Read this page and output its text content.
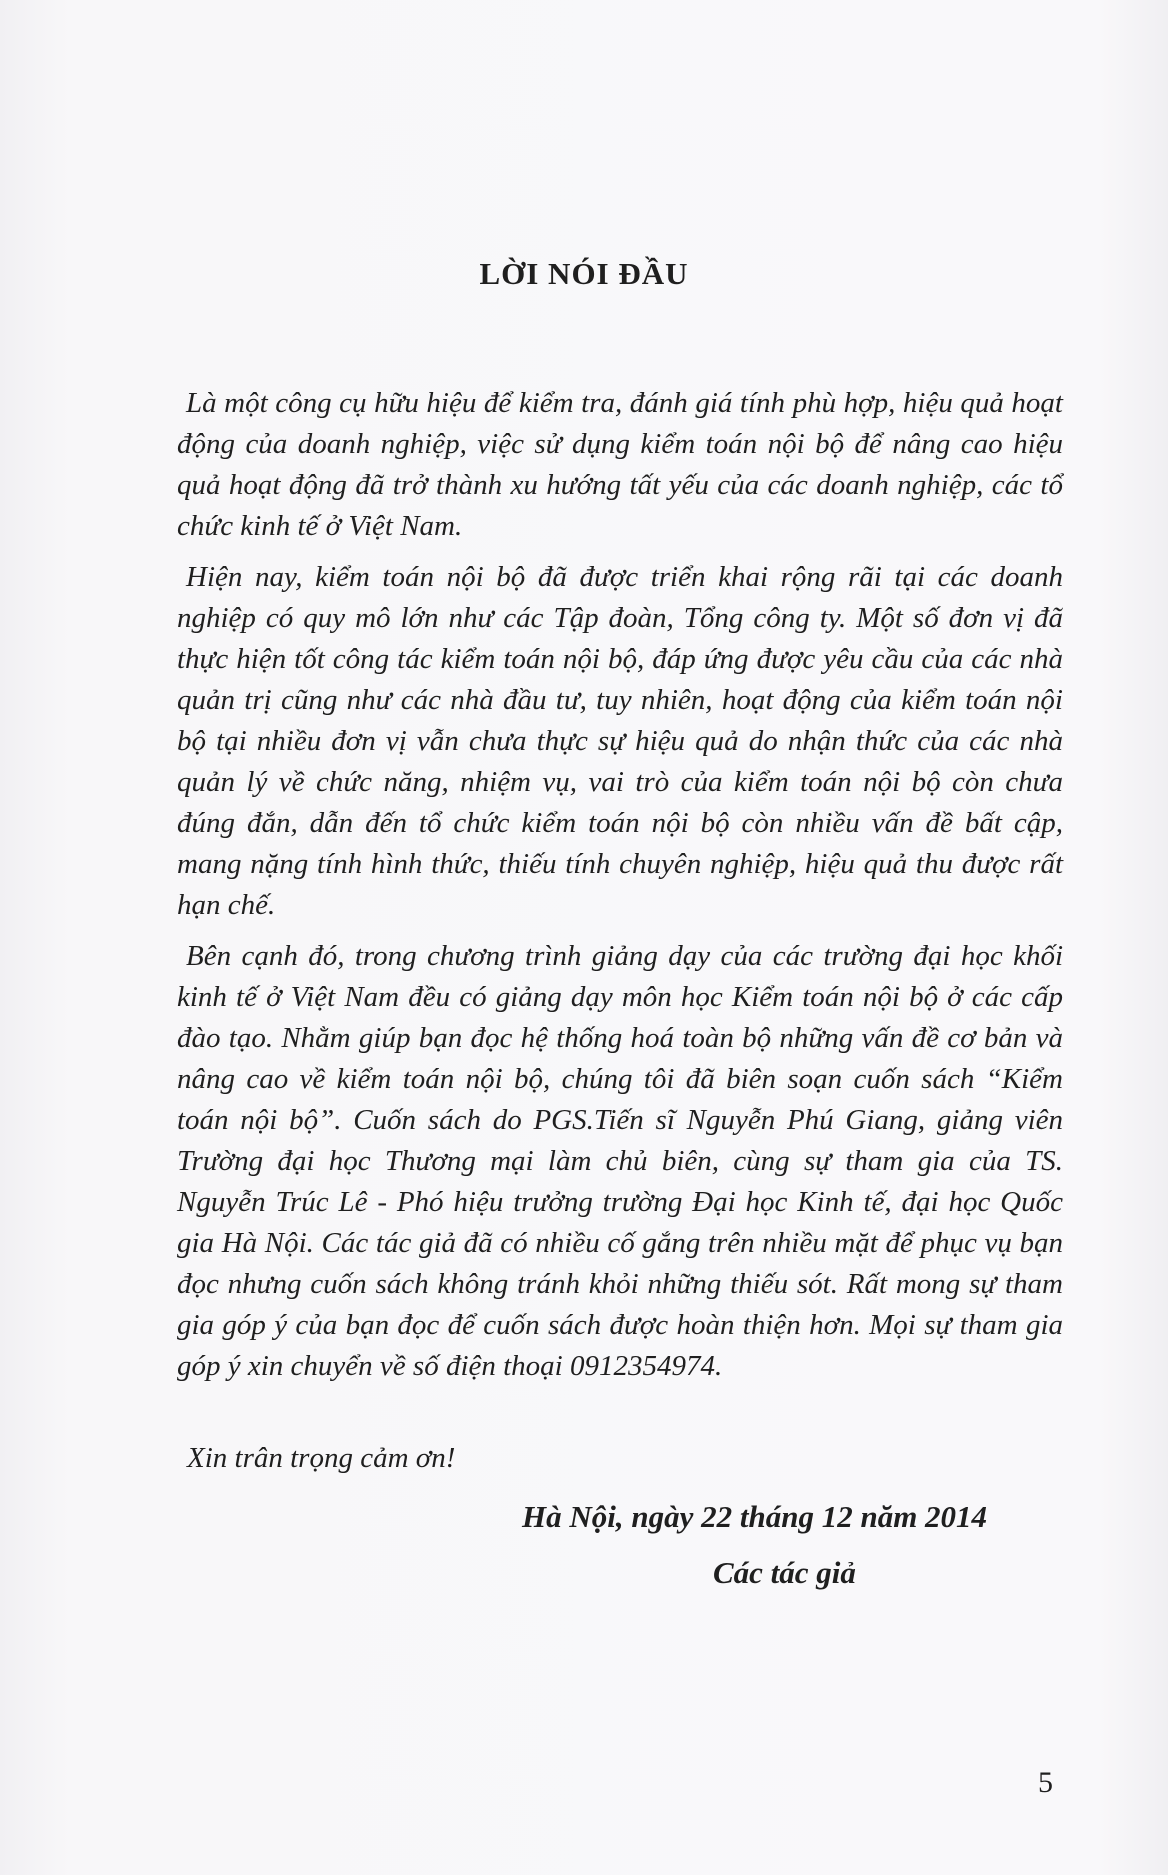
LỜI NÓI ĐẦU

Là một công cụ hữu hiệu để kiểm tra, đánh giá tính phù hợp, hiệu quả hoạt động của doanh nghiệp, việc sử dụng kiểm toán nội bộ để nâng cao hiệu quả hoạt động đã trở thành xu hướng tất yếu của các doanh nghiệp, các tổ chức kinh tế ở Việt Nam.

Hiện nay, kiểm toán nội bộ đã được triển khai rộng rãi tại các doanh nghiệp có quy mô lớn như các Tập đoàn, Tổng công ty. Một số đơn vị đã thực hiện tốt công tác kiểm toán nội bộ, đáp ứng được yêu cầu của các nhà quản trị cũng như các nhà đầu tư, tuy nhiên, hoạt động của kiểm toán nội bộ tại nhiều đơn vị vẫn chưa thực sự hiệu quả do nhận thức của các nhà quản lý về chức năng, nhiệm vụ, vai trò của kiểm toán nội bộ còn chưa đúng đắn, dẫn đến tổ chức kiểm toán nội bộ còn nhiều vấn đề bất cập, mang nặng tính hình thức, thiếu tính chuyên nghiệp, hiệu quả thu được rất hạn chế.

Bên cạnh đó, trong chương trình giảng dạy của các trường đại học khối kinh tế ở Việt Nam đều có giảng dạy môn học Kiểm toán nội bộ ở các cấp đào tạo. Nhằm giúp bạn đọc hệ thống hoá toàn bộ những vấn đề cơ bản và nâng cao về kiểm toán nội bộ, chúng tôi đã biên soạn cuốn sách “Kiểm toán nội bộ”. Cuốn sách do PGS.Tiến sĩ Nguyễn Phú Giang, giảng viên Trường đại học Thương mại làm chủ biên, cùng sự tham gia của TS. Nguyễn Trúc Lê - Phó hiệu trưởng trường Đại học Kinh tế, đại học Quốc gia Hà Nội. Các tác giả đã có nhiều cố gắng trên nhiều mặt để phục vụ bạn đọc nhưng cuốn sách không tránh khỏi những thiếu sót. Rất mong sự tham gia góp ý của bạn đọc để cuốn sách được hoàn thiện hơn. Mọi sự tham gia góp ý xin chuyển về số điện thoại 0912354974.

Xin trân trọng cảm ơn!

Hà Nội, ngày 22 tháng 12 năm 2014

Các tác giả

5
